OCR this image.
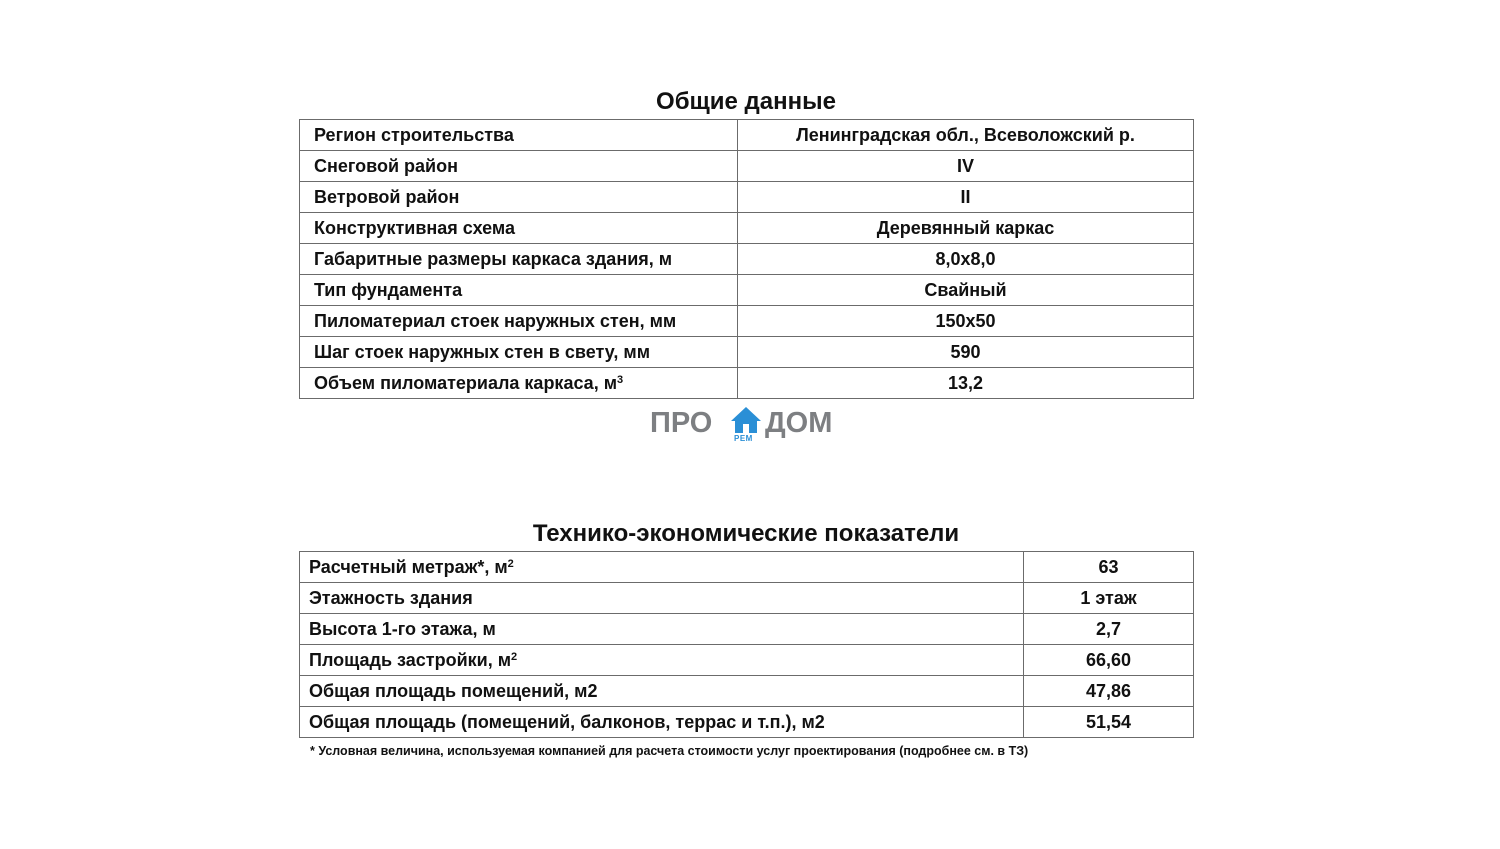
Общие данные
Регион строительства	Ленинградская обл., Всеволожский р.
Снеговой район	IV
Ветровой район	II
Конструктивная схема	Деревянный каркас
Габаритные размеры каркаса здания, м	8,0x8,0
Тип фундамента	Свайный
Пиломатериал стоек наружных стен, мм	150x50
Шаг стоек наружных стен в свету, мм	590
Объем пиломатериала каркаса, $м^3$	13,2
ПРО	РЕМ ДОМ
Технико-экономические показатели
Расчетный метраж*, $м^2$	63
Этажность здания	1 этаж
Высота 1-го этажа, м	2,7
Площадь застройки, $м^2$	66,60
Общая площадь помещений, м2	47,86
Общая площадь (помещений, балконов, террас и т.п.), м2	51,54
* Условная величина, используемая компанией для расчета стоимости услуг проектирования (подробнее см. в ТЗ)
